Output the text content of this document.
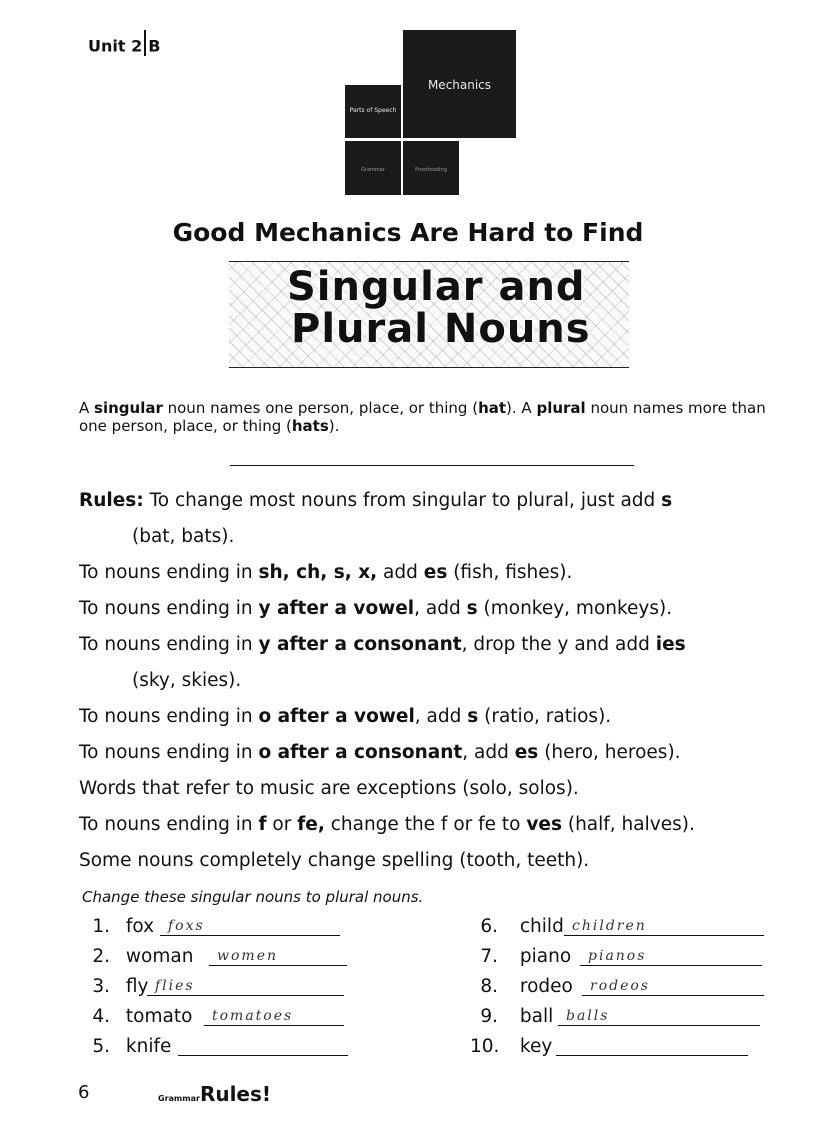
Unit 2 B
Mechanics
Parts of Speech
Grammar	Proofreading
Good Mechanics Are Hard to Find
Singular and
Plural Nouns
A singular noun names one person, place, or thing (hat). A plural noun names more than one person, place, or thing (hats).
Rules: To change most nouns from singular to plural, just add s
(bat, bats).
To nouns ending in sh, ch, s, x, add es (fish, fishes).
To nouns ending in y after a vowel, add s (monkey, monkeys).
To nouns ending in y after a consonant, drop the y and add ies
(sky, skies).
To nouns ending in o after a vowel, add s (ratio, ratios).
To nouns ending in o after a consonant, add es (hero, heroes).
Words that refer to music are exceptions (solo, solos).
To nouns ending in f or fe, change the f or fe to ves (half, halves).
Some nouns completely change spelling (tooth, teeth).
Change these singular nouns to plural nouns.
1. fox foxs
2. woman	women
3. fly flies
4. tomato	tomatoes
5. knife
6. child children
7. piano	pianos
8. rodeo	rodeos
9. ball balls
10. key
6	GrammarRules!
